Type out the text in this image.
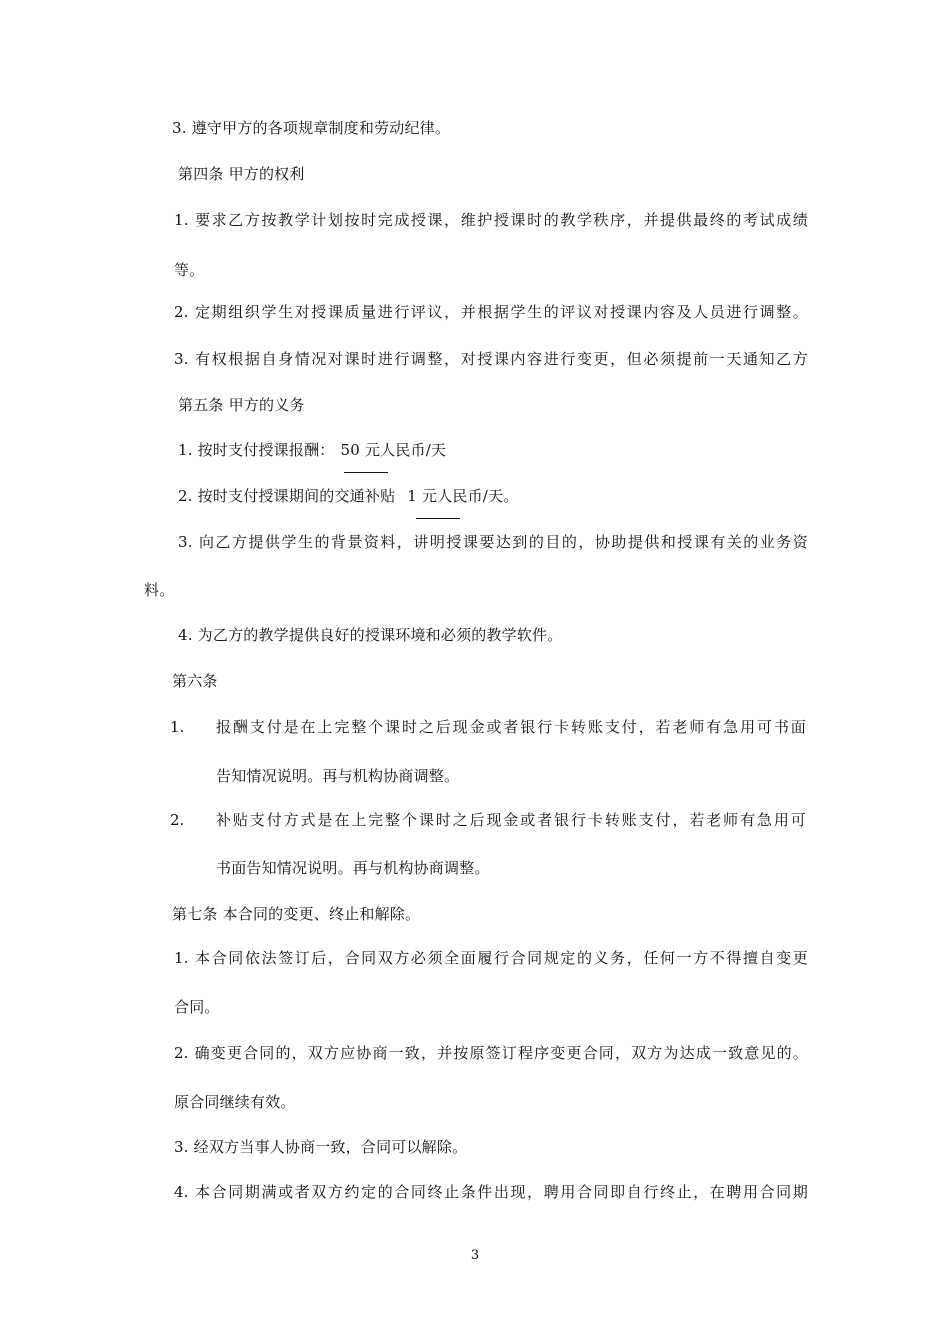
3. 遵守甲方的各项规章制度和劳动纪律。
第四条 甲方的权利
1. 要求乙方按教学计划按时完成授课，维护授课时的教学秩序，并提供最终的考试成绩
等。
2. 定期组织学生对授课质量进行评议，并根据学生的评议对授课内容及人员进行调整。
3. 有权根据自身情况对课时进行调整，对授课内容进行变更，但必须提前一天通知乙方
第五条 甲方的义务
1. 按时支付授课报酬： 50 元人民币/天
2. 按时支付授课期间的交通补贴 1 元人民币/天。
3. 向乙方提供学生的背景资料，讲明授课要达到的目的，协助提供和授课有关的业务资
料。
4. 为乙方的教学提供良好的授课环境和必须的教学软件。
第六条
1. 报酬支付是在上完整个课时之后现金或者银行卡转账支付，若老师有急用可书面
告知情况说明。再与机构协商调整。
2. 补贴支付方式是在上完整个课时之后现金或者银行卡转账支付，若老师有急用可
书面告知情况说明。再与机构协商调整。
第七条 本合同的变更、终止和解除。
1. 本合同依法签订后，合同双方必须全面履行合同规定的义务，任何一方不得擅自变更
合同。
2. 确变更合同的，双方应协商一致，并按原签订程序变更合同，双方为达成一致意见的。
原合同继续有效。
3. 经双方当事人协商一致，合同可以解除。
4. 本合同期满或者双方约定的合同终止条件出现，聘用合同即自行终止，在聘用合同期
3
